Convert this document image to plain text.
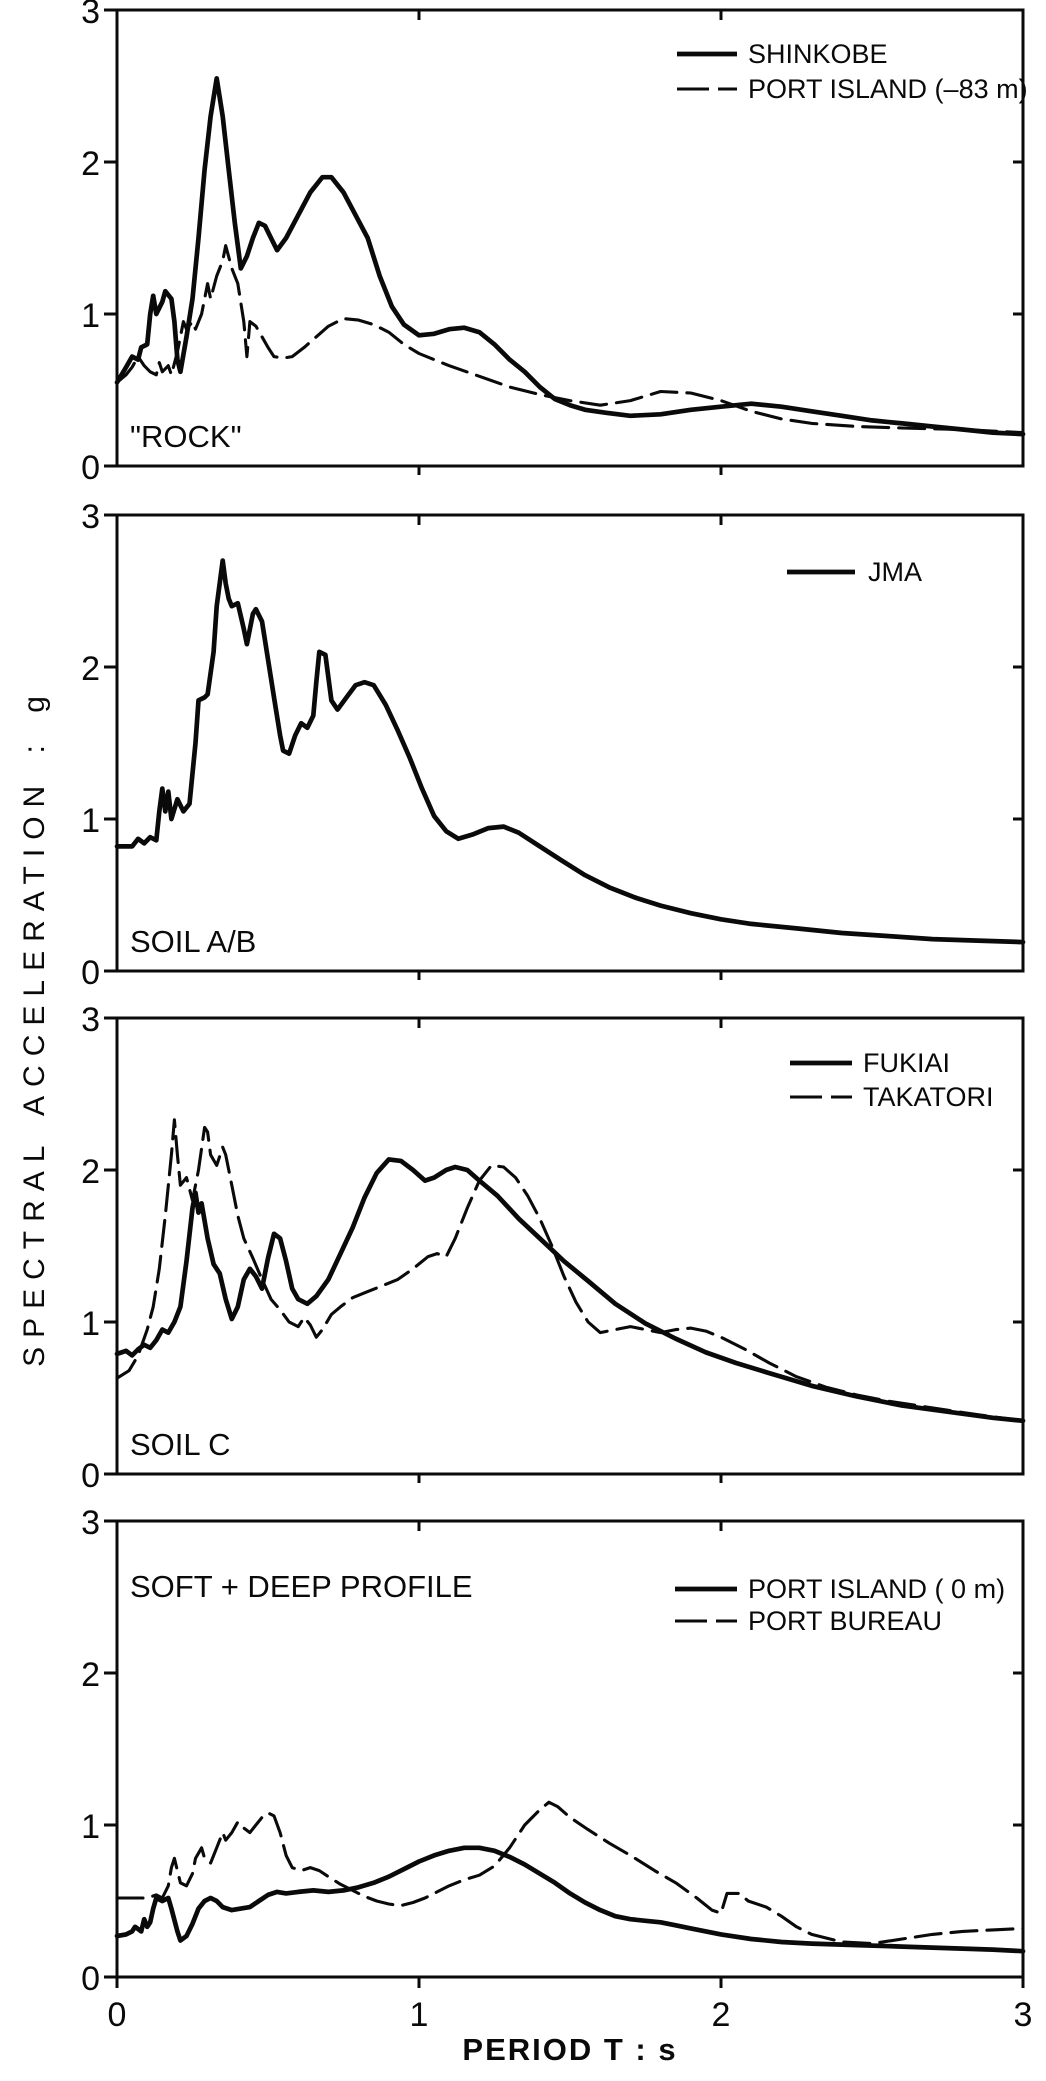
SPECTRAL ACCELERATION : g
0
1
2
3
SHINKOBE
PORT ISLAND (–83 m)
"ROCK"
0
1
2
3
JMA
SOIL A/B
0
1
2
3
FUKIAI
TAKATORI
SOIL C
0
1
2
3
0	1	2	3
PORT ISLAND ( 0 m)
PORT BUREAU
SOFT + DEEP PROFILE
PERIOD T : s
